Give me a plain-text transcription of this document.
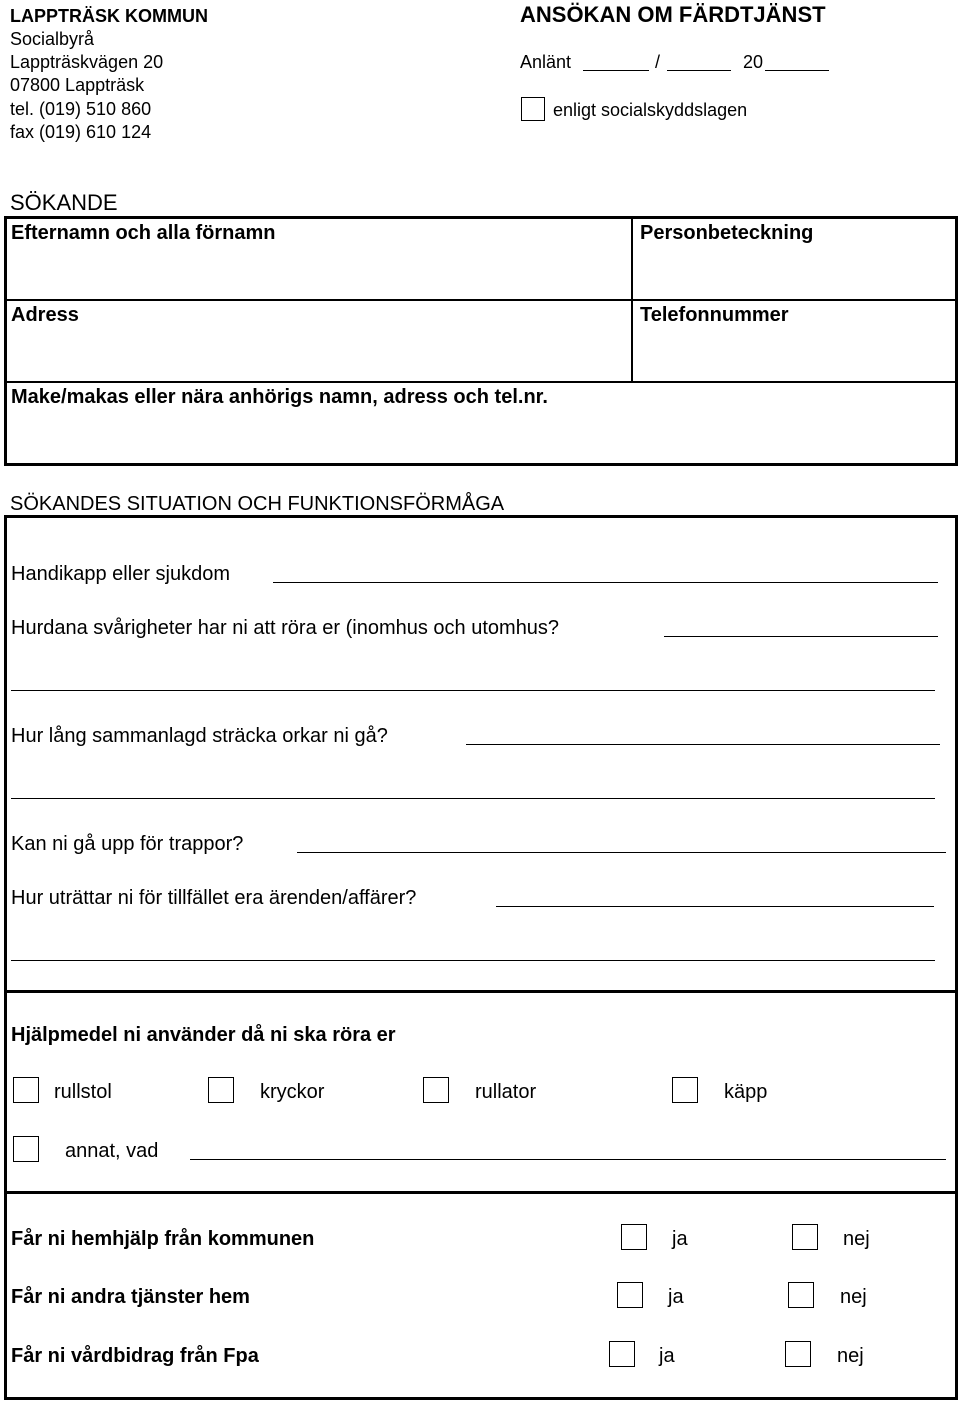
LAPPTRÄSK KOMMUN
Socialbyrå
Lappträskvägen 20
07800 Lappträsk
tel. (019) 510 860
fax (019) 610 124
ANSÖKAN OM FÄRDTJÄNST
Anlänt	/	20
enligt socialskyddslagen
SÖKANDE
Efternamn och alla förnamn	Personbeteckning
Adress	Telefonnummer
Make/makas eller nära anhörigs namn, adress och tel.nr.
SÖKANDES SITUATION OCH FUNKTIONSFÖRMÅGA
Handikapp eller sjukdom
Hurdana svårigheter har ni att röra er (inomhus och utomhus?
Hur lång sammanlagd sträcka orkar ni gå?
Kan ni gå upp för trappor?
Hur uträttar ni för tillfället era ärenden/affärer?
Hjälpmedel ni använder då ni ska röra er
rullstol	kryckor	rullator	käpp
annat, vad
Får ni hemhjälp från kommunen	ja	nej
Får ni andra tjänster hem	ja	nej
Får ni vårdbidrag från Fpa	ja	nej
